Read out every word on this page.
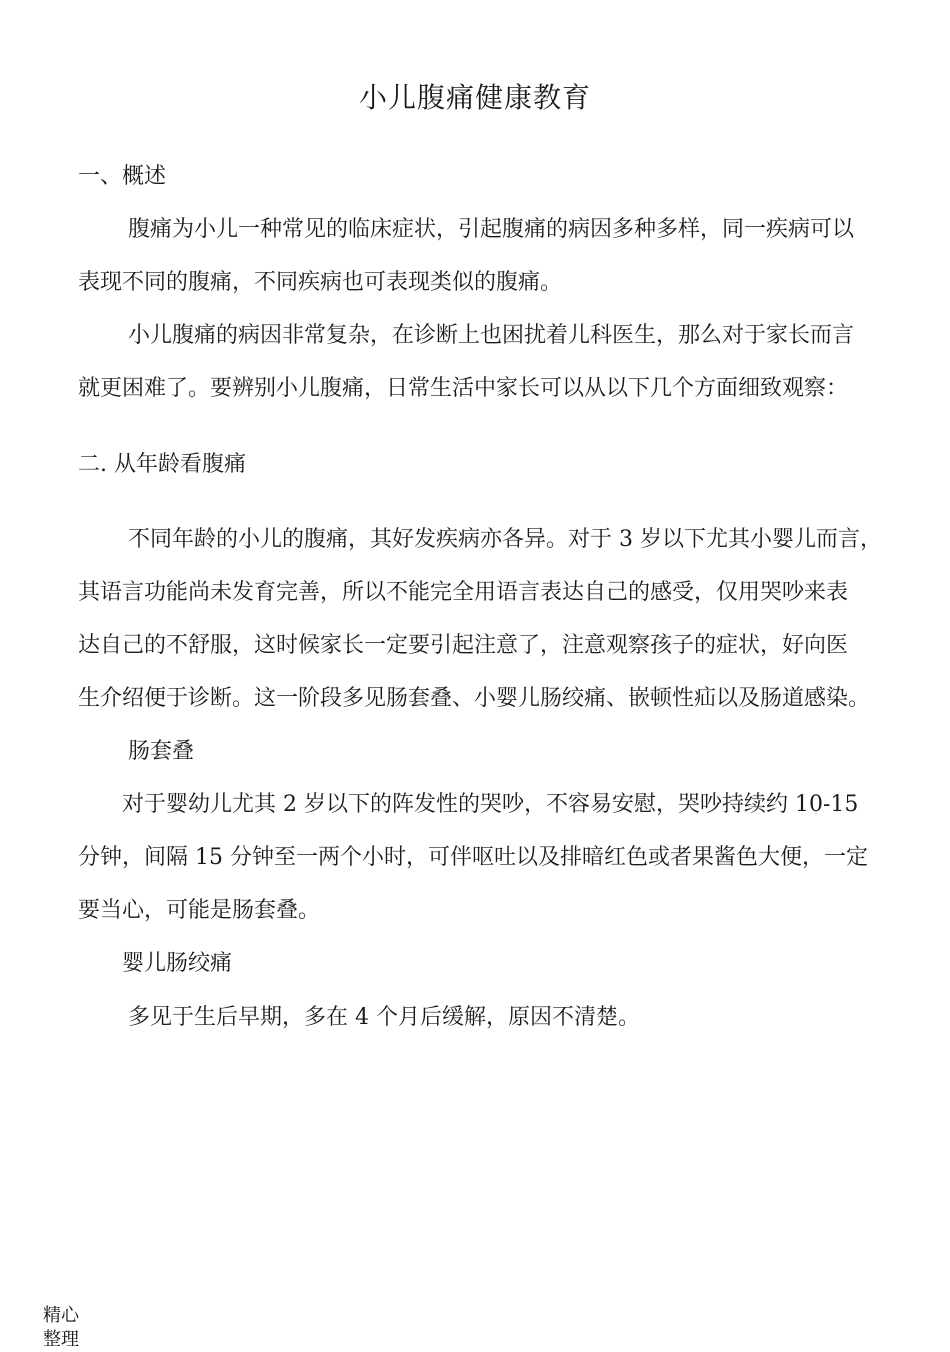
小儿腹痛健康教育
一、概述

腹痛为小儿一种常见的临床症状，引起腹痛的病因多种多样，同一疾病可以

表现不同的腹痛，不同疾病也可表现类似的腹痛。

小儿腹痛的病因非常复杂，在诊断上也困扰着儿科医生，那么对于家长而言

就更困难了。要辨别小儿腹痛，日常生活中家长可以从以下几个方面细致观察：

二. 从年龄看腹痛

不同年龄的小儿的腹痛，其好发疾病亦各异。对于 3 岁以下尤其小婴儿而言，

其语言功能尚未发育完善，所以不能完全用语言表达自己的感受，仅用哭吵来表

达自己的不舒服，这时候家长一定要引起注意了，注意观察孩子的症状，好向医

生介绍便于诊断。这一阶段多见肠套叠、小婴儿肠绞痛、嵌顿性疝以及肠道感染。

肠套叠

对于婴幼儿尤其 2 岁以下的阵发性的哭吵，不容易安慰，哭吵持续约 10-15

分钟，间隔 15 分钟至一两个小时，可伴呕吐以及排暗红色或者果酱色大便，一定

要当心，可能是肠套叠。

婴儿肠绞痛

多见于生后早期，多在 4 个月后缓解，原因不清楚。

精心
整理
